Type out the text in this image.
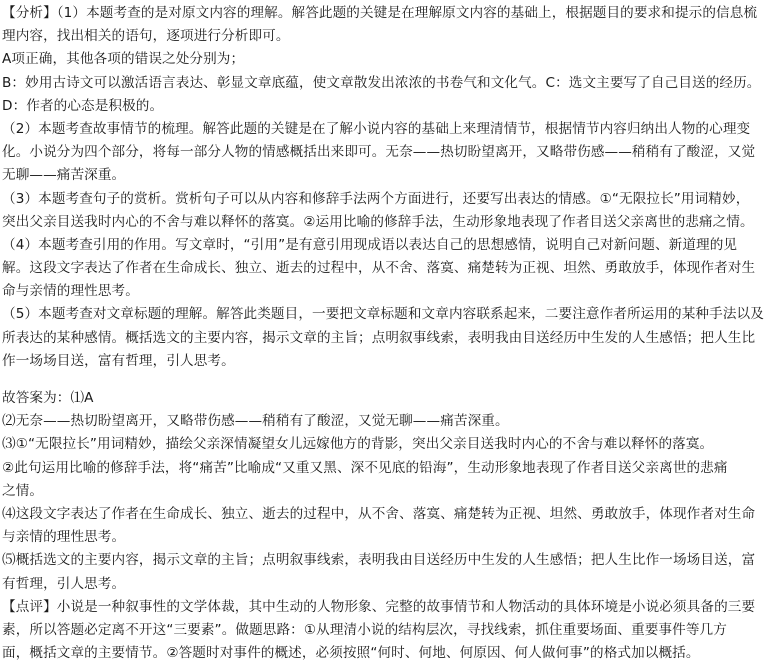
【分析】（1）本题考查的是对原文内容的理解。解答此题的关键是在理解原文内容的基础上，根据题目的要求和提示的信息梳
理内容，找出相关的语句，逐项进行分析即可。
A项正确，其他各项的错误之处分别为；
B：妙用古诗文可以激活语言表达、彰显文章底蕴，使文章散发出浓浓的书卷气和文化气。C：选文主要写了自己目送的经历。
D：作者的心态是积极的。
（2）本题考查故事情节的梳理。解答此题的关键是在了解小说内容的基础上来理清情节，根据情节内容归纳出人物的心理变
化。小说分为四个部分，将每一部分人物的情感概括出来即可。无奈——热切盼望离开，又略带伤感——稍稍有了酸涩，又觉
无聊——痛苦深重。
（3）本题考查句子的赏析。赏析句子可以从内容和修辞手法两个方面进行，还要写出表达的情感。①“无限拉长”用词精妙，
突出父亲目送我时内心的不舍与难以释怀的落寞。②运用比喻的修辞手法，生动形象地表现了作者目送父亲离世的悲痛之情。
（4）本题考查引用的作用。写文章时，“引用”是有意引用现成语以表达自己的思想感情，说明自己对新问题、新道理的见
解。这段文字表达了作者在生命成长、独立、逝去的过程中，从不舍、落寞、痛楚转为正视、坦然、勇敢放手，体现作者对生
命与亲情的理性思考。
（5）本题考查对文章标题的理解。解答此类题目，一要把文章标题和文章内容联系起来，二要注意作者所运用的某种手法以及
所表达的某种感情。概括选文的主要内容，揭示文章的主旨；点明叙事线索，表明我由目送经历中生发的人生感悟；把人生比
作一场场目送，富有哲理，引人思考。
故答案为：⑴A
⑵无奈——热切盼望离开，又略带伤感——稍稍有了酸涩，又觉无聊——痛苦深重。
⑶①“无限拉长”用词精妙，描绘父亲深情凝望女儿远嫁他方的背影，突出父亲目送我时内心的不舍与难以释怀的落寞。
②此句运用比喻的修辞手法，将“痛苦”比喻成“又重又黑、深不见底的铅海”，生动形象地表现了作者目送父亲离世的悲痛
之情。
⑷这段文字表达了作者在生命成长、独立、逝去的过程中，从不舍、落寞、痛楚转为正视、坦然、勇敢放手，体现作者对生命
与亲情的理性思考。
⑸概括选文的主要内容，揭示文章的主旨；点明叙事线索，表明我由目送经历中生发的人生感悟；把人生比作一场场目送，富
有哲理，引人思考。
【点评】小说是一种叙事性的文学体裁，其中生动的人物形象、完整的故事情节和人物活动的具体环境是小说必须具备的三要
素，所以答题必定离不开这“三要素”。做题思路：①从理清小说的结构层次，寻找线索，抓住重要场面、重要事件等几方
面，概括文章的主要情节。②答题时对事件的概述，必须按照“何时、何地、何原因、何人做何事”的格式加以概括。
